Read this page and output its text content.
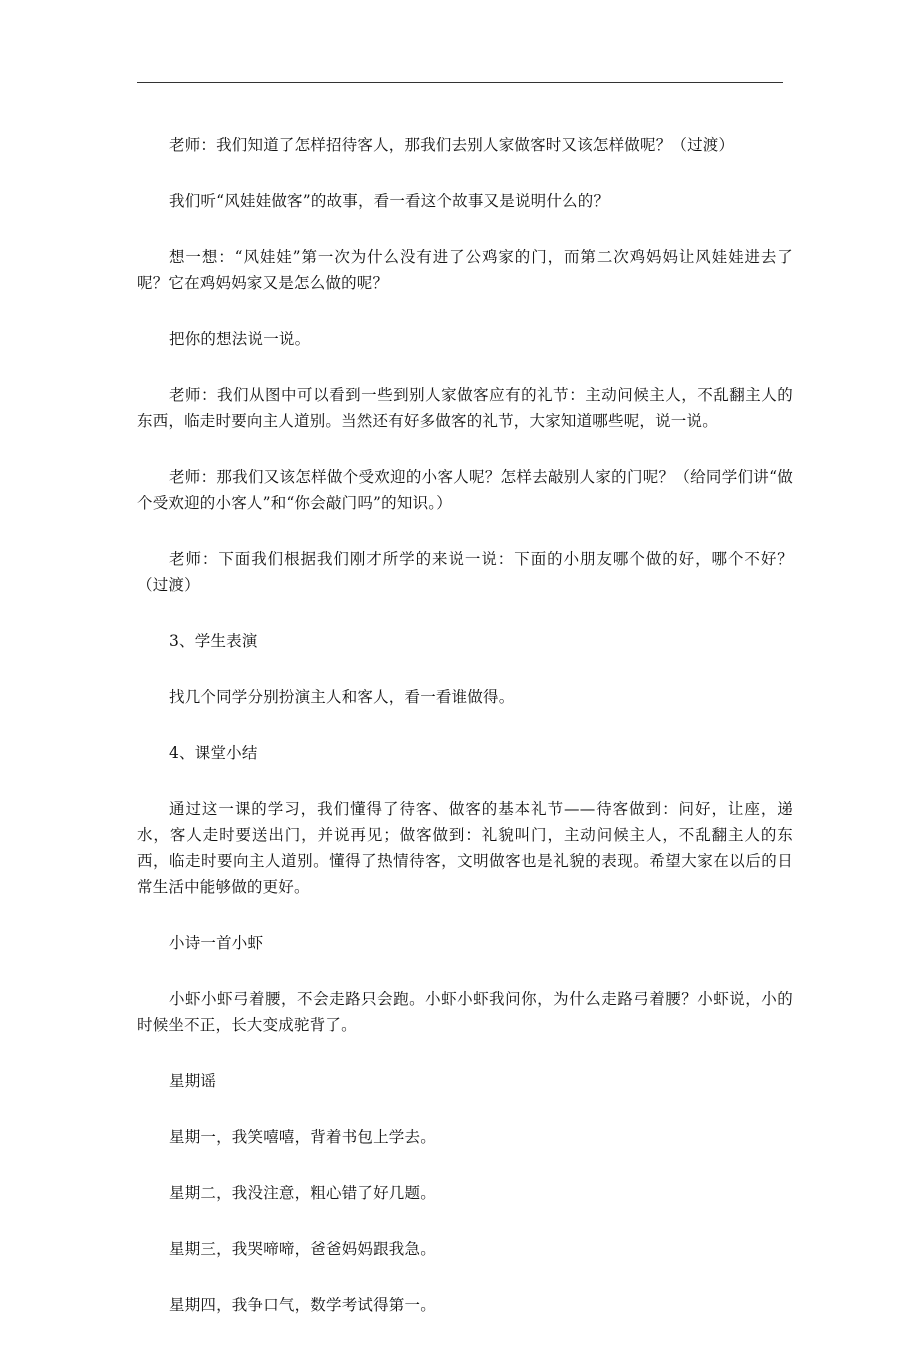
老师：我们知道了怎样招待客人，那我们去别人家做客时又该怎样做呢？（过渡）

我们听“风娃娃做客”的故事，看一看这个故事又是说明什么的？

想一想：“风娃娃”第一次为什么没有进了公鸡家的门，而第二次鸡妈妈让风娃娃进去了呢？它在鸡妈妈家又是怎么做的呢？

把你的想法说一说。

老师：我们从图中可以看到一些到别人家做客应有的礼节：主动问候主人，不乱翻主人的东西，临走时要向主人道别。当然还有好多做客的礼节，大家知道哪些呢，说一说。

老师：那我们又该怎样做个受欢迎的小客人呢？怎样去敲别人家的门呢？（给同学们讲“做个受欢迎的小客人”和“你会敲门吗”的知识。）

老师：下面我们根据我们刚才所学的来说一说：下面的小朋友哪个做的好，哪个不好？（过渡）

3、学生表演

找几个同学分别扮演主人和客人，看一看谁做得。

4、课堂小结

通过这一课的学习，我们懂得了待客、做客的基本礼节——待客做到：问好，让座，递水，客人走时要送出门，并说再见；做客做到：礼貌叫门，主动问候主人，不乱翻主人的东西，临走时要向主人道别。懂得了热情待客，文明做客也是礼貌的表现。希望大家在以后的日常生活中能够做的更好。

小诗一首小虾

小虾小虾弓着腰，不会走路只会跑。小虾小虾我问你，为什么走路弓着腰？小虾说，小的时候坐不正，长大变成驼背了。

星期谣

星期一，我笑嘻嘻，背着书包上学去。

星期二，我没注意，粗心错了好几题。

星期三，我哭啼啼，爸爸妈妈跟我急。

星期四，我争口气，数学考试得第一。
